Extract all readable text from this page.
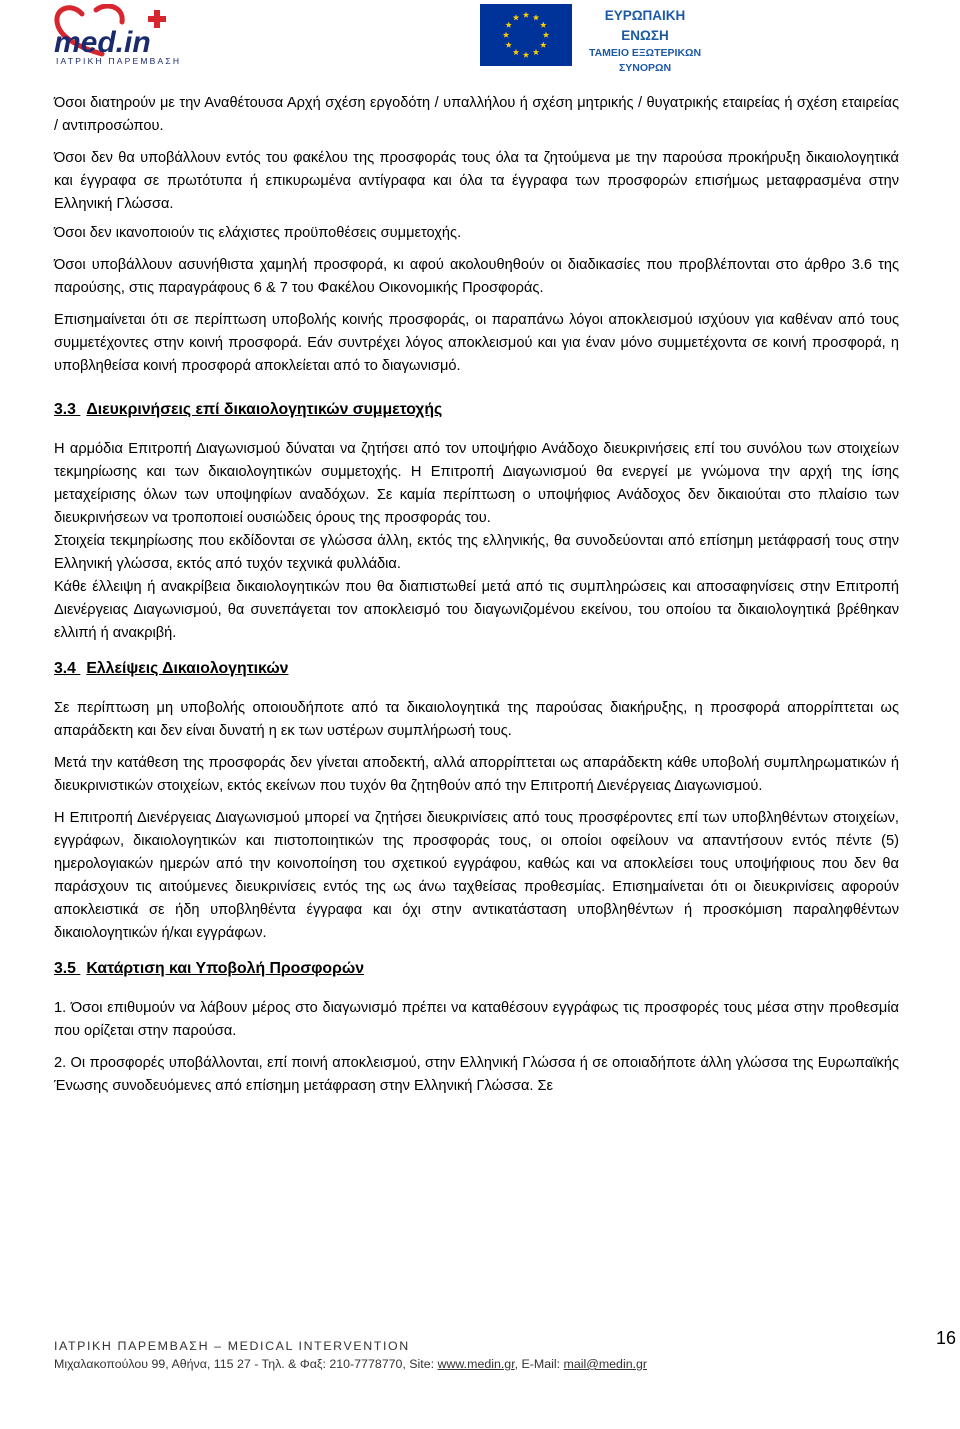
med.in
ΙΑΤΡΙΚΗ ΠΑΡΕΜΒΑΣΗ
ΕΥΡΩΠΑΙΚΗ ΕΝΩΣΗ
ΤΑΜΕΙΟ ΕΞΩΤΕΡΙΚΩΝ
ΣΥΝΟΡΩΝ

Όσοι διατηρούν με την Αναθέτουσα Αρχή σχέση εργοδότη / υπαλλήλου ή σχέση μητρικής / θυγατρικής εταιρείας ή σχέση εταιρείας / αντιπροσώπου.

Όσοι δεν θα υποβάλλουν εντός του φακέλου της προσφοράς τους όλα τα ζητούμενα με την παρούσα προκήρυξη δικαιολογητικά και έγγραφα σε πρωτότυπα ή επικυρωμένα αντίγραφα και όλα τα έγγραφα των προσφορών επισήμως μεταφρασμένα στην Ελληνική Γλώσσα.

Όσοι δεν ικανοποιούν τις ελάχιστες προϋποθέσεις συμμετοχής.

Όσοι υποβάλλουν ασυνήθιστα χαμηλή προσφορά, κι αφού ακολουθηθούν οι διαδικασίες που προβλέπονται στο άρθρο 3.6 της παρούσης, στις παραγράφους 6 & 7 του Φακέλου Οικονομικής Προσφοράς.

Επισημαίνεται ότι σε περίπτωση υποβολής κοινής προσφοράς, οι παραπάνω λόγοι αποκλεισμού ισχύουν για καθέναν από τους συμμετέχοντες στην κοινή προσφορά. Εάν συντρέχει λόγος αποκλεισμού και για έναν μόνο συμμετέχοντα σε κοινή προσφορά, η υποβληθείσα κοινή προσφορά αποκλείεται από το διαγωνισμό.

3.3 Διευκρινήσεις επί δικαιολογητικών συμμετοχής

Η αρμόδια Επιτροπή Διαγωνισμού δύναται να ζητήσει από τον υποψήφιο Ανάδοχο διευκρινήσεις επί του συνόλου των στοιχείων τεκμηρίωσης και των δικαιολογητικών συμμετοχής. Η Επιτροπή Διαγωνισμού θα ενεργεί με γνώμονα την αρχή της ίσης μεταχείρισης όλων των υποψηφίων αναδόχων. Σε καμία περίπτωση ο υποψήφιος Ανάδοχος δεν δικαιούται στο πλαίσιο των διευκρινήσεων να τροποποιεί ουσιώδεις όρους της προσφοράς του.

Στοιχεία τεκμηρίωσης που εκδίδονται σε γλώσσα άλλη, εκτός της ελληνικής, θα συνοδεύονται από επίσημη μετάφρασή τους στην Ελληνική γλώσσα, εκτός από τυχόν τεχνικά φυλλάδια.

Κάθε έλλειψη ή ανακρίβεια δικαιολογητικών που θα διαπιστωθεί μετά από τις συμπληρώσεις και αποσαφηνίσεις στην Επιτροπή Διενέργειας Διαγωνισμού, θα συνεπάγεται τον αποκλεισμό του διαγωνιζομένου εκείνου, του οποίου τα δικαιολογητικά βρέθηκαν ελλιπή ή ανακριβή.

3.4 Ελλείψεις Δικαιολογητικών

Σε περίπτωση μη υποβολής οποιουδήποτε από τα δικαιολογητικά της παρούσας διακήρυξης, η προσφορά απορρίπτεται ως απαράδεκτη και δεν είναι δυνατή η εκ των υστέρων συμπλήρωσή τους.

Μετά την κατάθεση της προσφοράς δεν γίνεται αποδεκτή, αλλά απορρίπτεται ως απαράδεκτη κάθε υποβολή συμπληρωματικών ή διευκρινιστικών στοιχείων, εκτός εκείνων που τυχόν θα ζητηθούν από την Επιτροπή Διενέργειας Διαγωνισμού.

Η Επιτροπή Διενέργειας Διαγωνισμού μπορεί να ζητήσει διευκρινίσεις από τους προσφέροντες επί των υποβληθέντων στοιχείων, εγγράφων, δικαιολογητικών και πιστοποιητικών της προσφοράς τους, οι οποίοι οφείλουν να απαντήσουν εντός πέντε (5) ημερολογιακών ημερών από την κοινοποίηση του σχετικού εγγράφου, καθώς και να αποκλείσει τους υποψήφιους που δεν θα παράσχουν τις αιτούμενες διευκρινίσεις εντός της ως άνω ταχθείσας προθεσμίας. Επισημαίνεται ότι οι διευκρινίσεις αφορούν αποκλειστικά σε ήδη υποβληθέντα έγγραφα και όχι στην αντικατάσταση υποβληθέντων ή προσκόμιση παραληφθέντων δικαιολογητικών ή/και εγγράφων.

3.5 Κατάρτιση και Υποβολή Προσφορών

1. Όσοι επιθυμούν να λάβουν μέρος στο διαγωνισμό πρέπει να καταθέσουν εγγράφως τις προσφορές τους μέσα στην προθεσμία που ορίζεται στην παρούσα.

2. Οι προσφορές υποβάλλονται, επί ποινή αποκλεισμού, στην Ελληνική Γλώσσα ή σε οποιαδήποτε άλλη γλώσσα της Ευρωπαϊκής Ένωσης συνοδευόμενες από επίσημη μετάφραση στην Ελληνική Γλώσσα. Σε

ΙΑΤΡΙΚΗ ΠΑΡΕΜΒΑΣΗ – MEDICAL INTERVENTION
Μιχαλακοπούλου 99, Αθήνα, 115 27 - Τηλ. & Φαξ: 210-7778770, Site: www.medin.gr, E-Mail: mail@medin.gr
16
